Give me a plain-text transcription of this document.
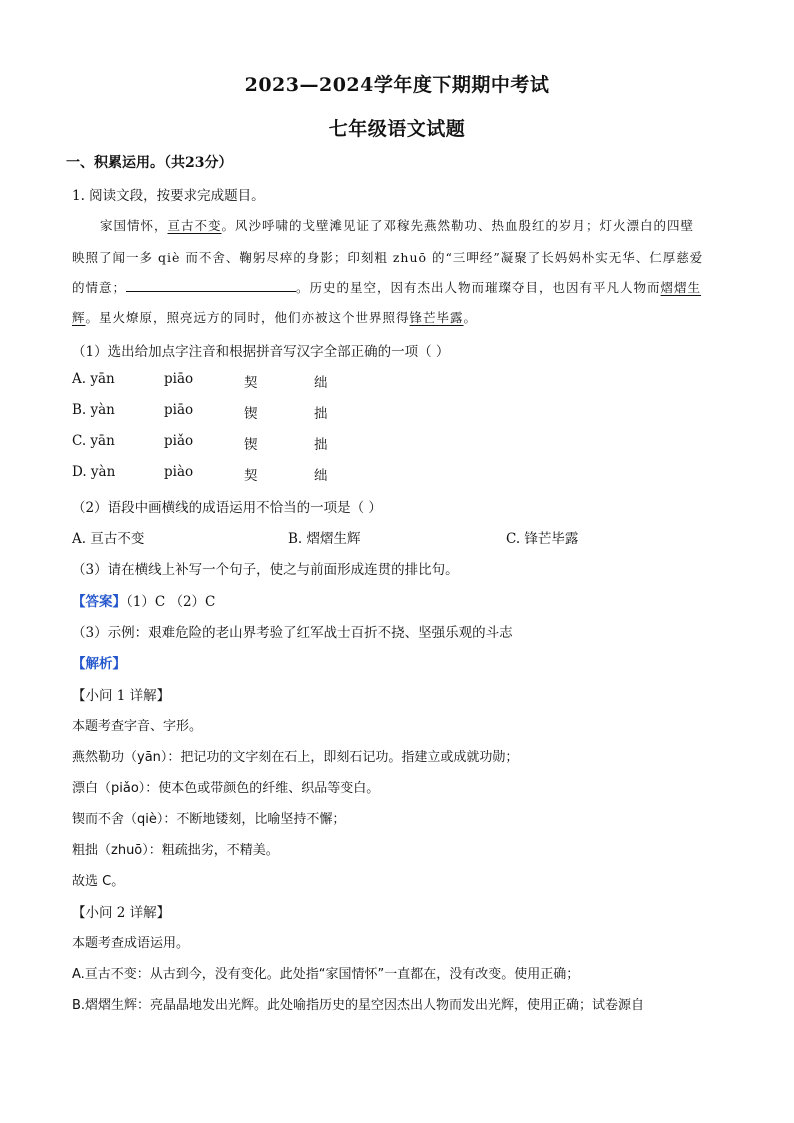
2023—2024学年度下期期中考试
七年级语文试题
一、积累运用。（共23分）
1. 阅读文段，按要求完成题目。
家国情怀，亘古不变。风沙呼啸的戈壁滩见证了邓稼先燕然勒功、热血殷红的岁月；灯火漂白的四壁
映照了闻一多 qiè 而不舍、鞠躬尽瘁的身影；印刻粗 zhuō 的“三呷经”凝聚了长妈妈朴实无华、仁厚慈爱
的情意；	。历史的星空，因有杰出人物而璀璨夺目，也因有平凡人物而熠熠生
辉。星火燎原，照亮远方的同时，他们亦被这个世界照得锋芒毕露。
（1）选出给加点字注音和根据拼音写汉字全部正确的一项（ ）
A. yān	piāo	契	绌
B. yàn	piāo	锲	拙
C. yān	piǎo	锲	拙
D. yàn	piào	契	绌
（2）语段中画横线的成语运用不恰当的一项是（ ）
A. 亘古不变	B. 熠熠生辉	C. 锋芒毕露
（3）请在横线上补写一个句子，使之与前面形成连贯的排比句。
【答案】（1）C （2）C
（3）示例：艰难危险的老山界考验了红军战士百折不挠、坚强乐观的斗志
【解析】
【小问 1 详解】
本题考查字音、字形。
燕然勒功（yān）：把记功的文字刻在石上，即刻石记功。指建立或成就功勋；
漂白（piǎo）：使本色或带颜色的纤维、织品等变白。
锲而不舍（qiè）：不断地镂刻，比喻坚持不懈；
粗拙（zhuō）：粗疏拙劣，不精美。
故选 C。
【小问 2 详解】
本题考查成语运用。
A.亘古不变：从古到今，没有变化。此处指“家国情怀”一直都在，没有改变。使用正确；
B.熠熠生辉：亮晶晶地发出光辉。此处喻指历史的星空因杰出人物而发出光辉，使用正确；试卷源自
